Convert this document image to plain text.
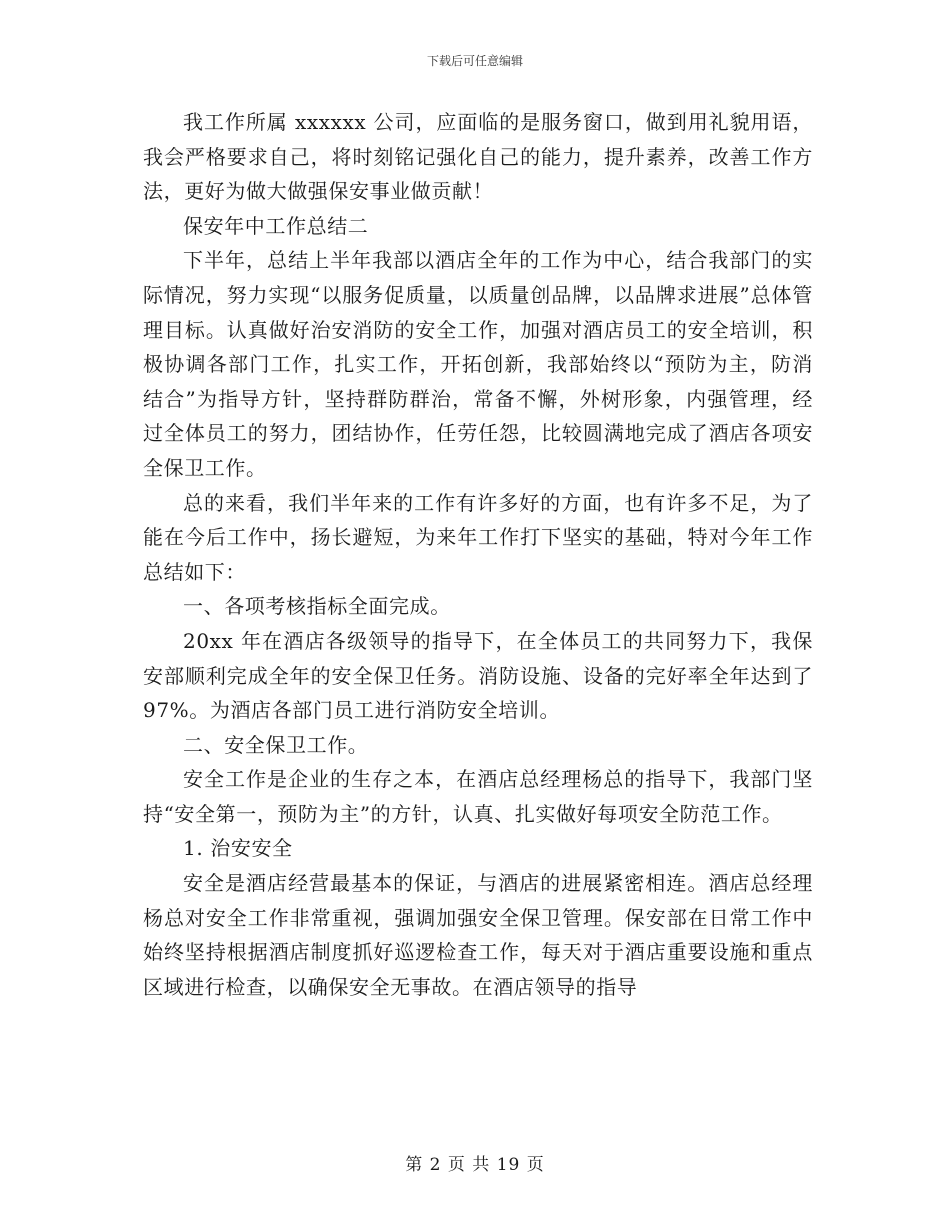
下载后可任意编辑

我工作所属 xxxxxx 公司，应面临的是服务窗口，做到用礼貌用语，我会严格要求自己，将时刻铭记强化自己的能力，提升素养，改善工作方法，更好为做大做强保安事业做贡献！

保安年中工作总结二

下半年，总结上半年我部以酒店全年的工作为中心，结合我部门的实际情况，努力实现“以服务促质量，以质量创品牌，以品牌求进展”总体管理目标。认真做好治安消防的安全工作，加强对酒店员工的安全培训，积极协调各部门工作，扎实工作，开拓创新，我部始终以“预防为主，防消结合”为指导方针，坚持群防群治，常备不懈，外树形象，内强管理，经过全体员工的努力，团结协作，任劳任怨，比较圆满地完成了酒店各项安全保卫工作。

总的来看，我们半年来的工作有许多好的方面，也有许多不足，为了能在今后工作中，扬长避短，为来年工作打下坚实的基础，特对今年工作总结如下：

一、各项考核指标全面完成。

20xx 年在酒店各级领导的指导下，在全体员工的共同努力下，我保安部顺利完成全年的安全保卫任务。消防设施、设备的完好率全年达到了 97%。为酒店各部门员工进行消防安全培训。

二、安全保卫工作。

安全工作是企业的生存之本，在酒店总经理杨总的指导下，我部门坚持“安全第一，预防为主”的方针，认真、扎实做好每项安全防范工作。

1. 治安安全

安全是酒店经营最基本的保证，与酒店的进展紧密相连。酒店总经理杨总对安全工作非常重视，强调加强安全保卫管理。保安部在日常工作中始终坚持根据酒店制度抓好巡逻检查工作，每天对于酒店重要设施和重点区域进行检查，以确保安全无事故。在酒店领导的指导

第 2 页 共 19 页
